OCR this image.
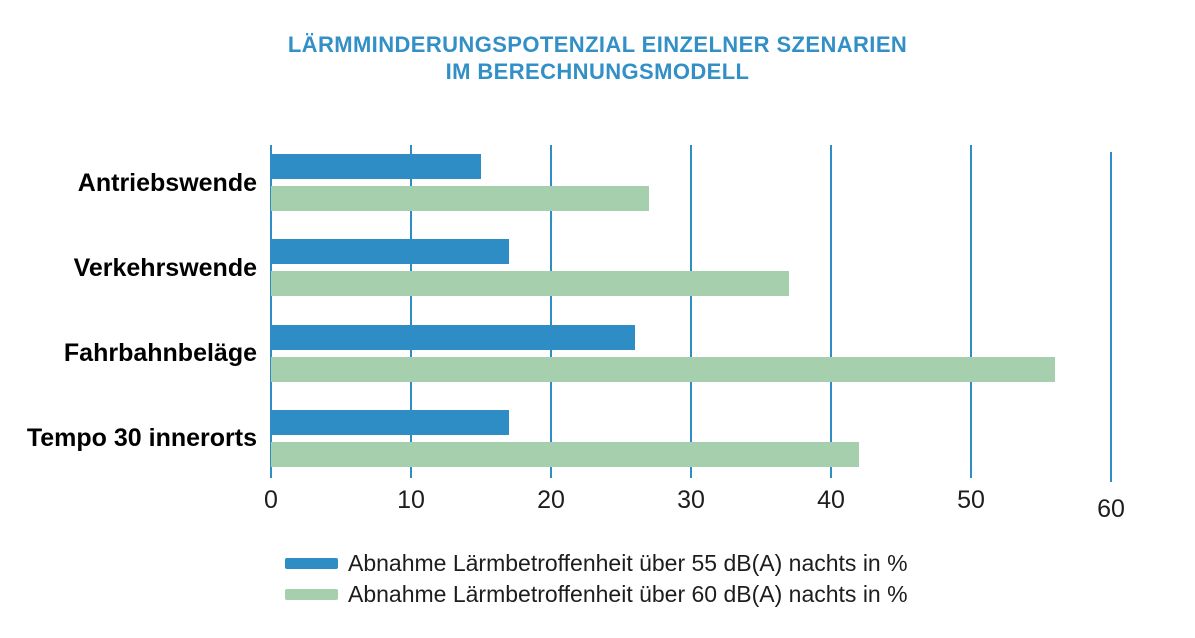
LÄRMMINDERUNGSPOTENZIAL EINZELNER SZENARIEN
IM BERECHNUNGSMODELL
Antriebswende
Verkehrswende
Fahrbahnbeläge
Tempo 30 innerorts
0	10	20	30	40	50	60
Abnahme Lärmbetroffenheit über 55 dB(A) nachts in %
Abnahme Lärmbetroffenheit über 60 dB(A) nachts in %
